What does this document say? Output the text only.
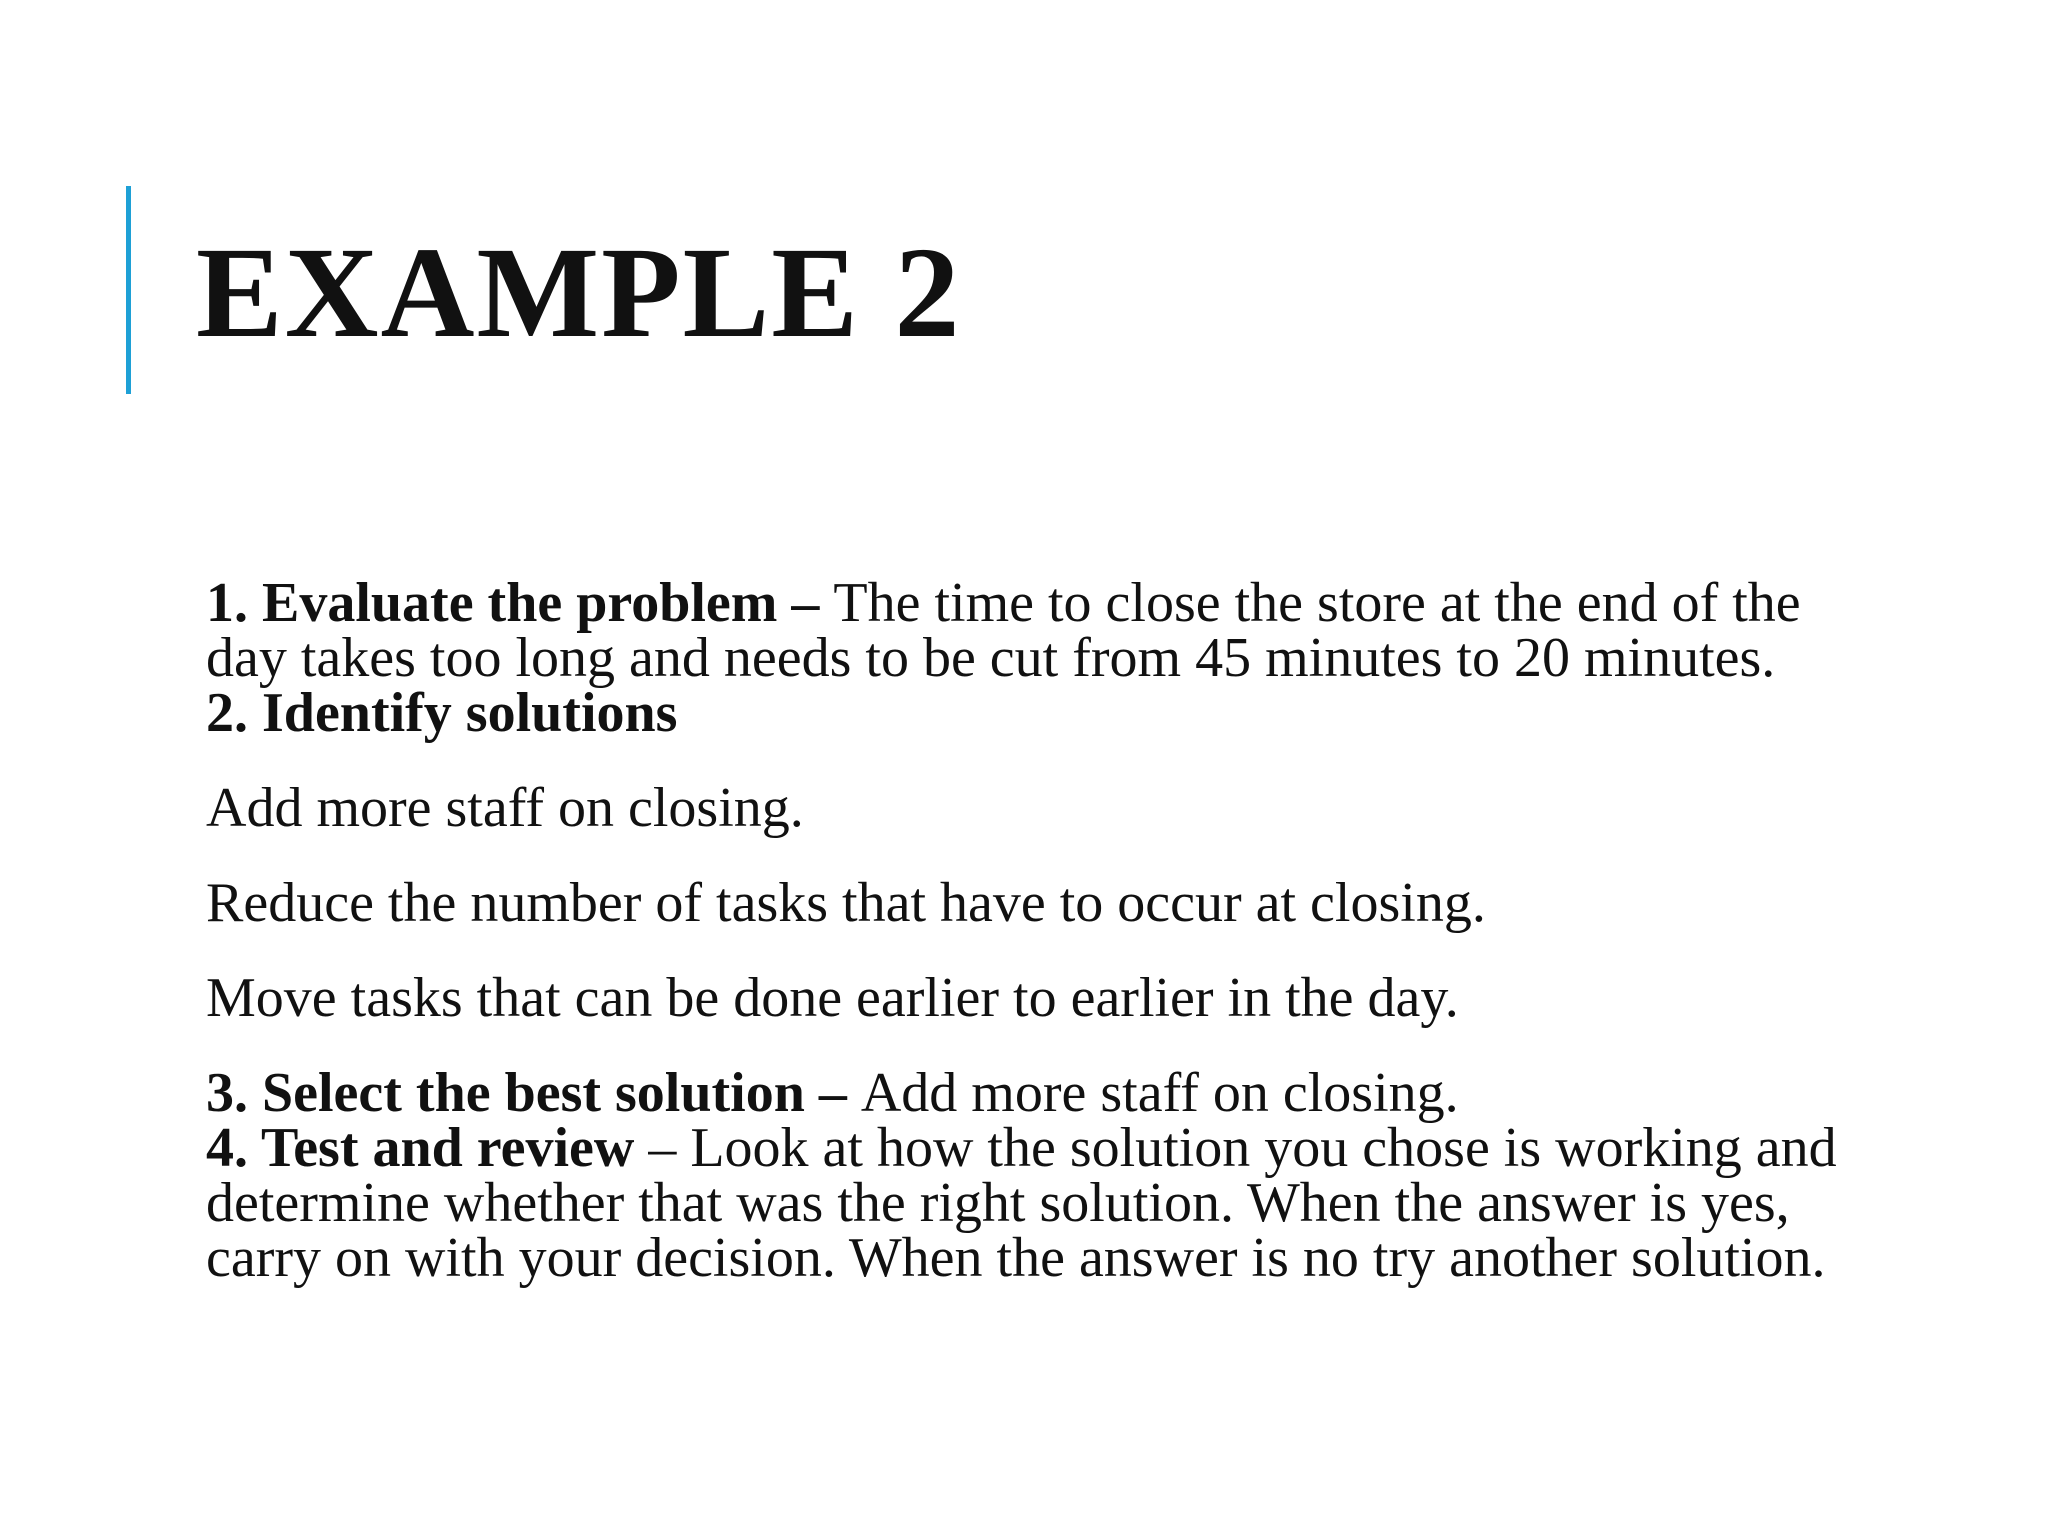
EXAMPLE 2

1. Evaluate the problem – The time to close the store at the end of the day takes too long and needs to be cut from 45 minutes to 20 minutes.

2. Identify solutions

Add more staff on closing.

Reduce the number of tasks that have to occur at closing.

Move tasks that can be done earlier to earlier in the day.

3. Select the best solution – Add more staff on closing.

4. Test and review – Look at how the solution you chose is working and determine whether that was the right solution. When the answer is yes, carry on with your decision. When the answer is no try another solution.
